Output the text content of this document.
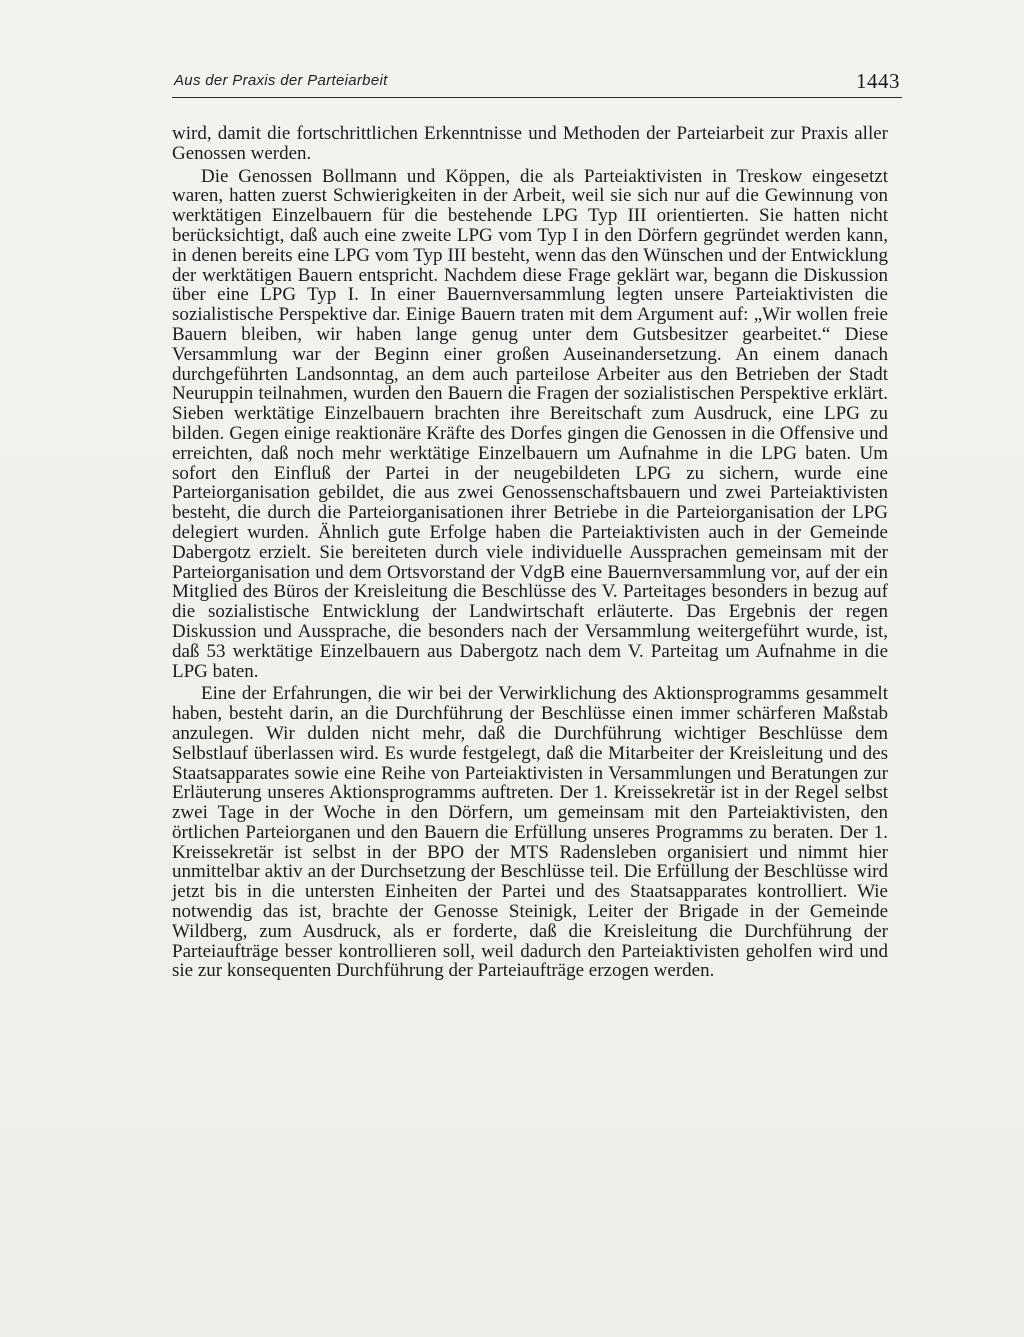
Aus der Praxis der Parteiarbeit	1443

wird, damit die fortschrittlichen Erkenntnisse und Methoden der Parteiarbeit zur Praxis aller Genossen werden.

Die Genossen Bollmann und Köppen, die als Parteiaktivisten in Treskow eingesetzt waren, hatten zuerst Schwierigkeiten in der Arbeit, weil sie sich nur auf die Gewinnung von werktätigen Einzelbauern für die bestehende LPG Typ III orientierten. Sie hatten nicht berücksichtigt, daß auch eine zweite LPG vom Typ I in den Dörfern gegründet werden kann, in denen bereits eine LPG vom Typ III besteht, wenn das den Wünschen und der Entwicklung der werktätigen Bauern entspricht. Nachdem diese Frage geklärt war, begann die Diskussion über eine LPG Typ I. In einer Bauernversammlung legten unsere Parteiaktivisten die sozialistische Perspektive dar. Einige Bauern traten mit dem Argument auf: „Wir wollen freie Bauern bleiben, wir haben lange genug unter dem Gutsbesitzer gearbeitet.“ Diese Versammlung war der Beginn einer großen Auseinandersetzung. An einem danach durchgeführten Landsonntag, an dem auch parteilose Arbeiter aus den Betrieben der Stadt Neuruppin teilnahmen, wurden den Bauern die Fragen der sozialistischen Perspektive erklärt. Sieben werktätige Einzelbauern brachten ihre Bereitschaft zum Ausdruck, eine LPG zu bilden. Gegen einige reaktionäre Kräfte des Dorfes gingen die Genossen in die Offensive und erreichten, daß noch mehr werktätige Einzelbauern um Aufnahme in die LPG baten. Um sofort den Einfluß der Partei in der neugebildeten LPG zu sichern, wurde eine Parteiorganisation gebildet, die aus zwei Genossenschaftsbauern und zwei Parteiaktivisten besteht, die durch die Parteiorganisationen ihrer Betriebe in die Parteiorganisation der LPG delegiert wurden. Ähnlich gute Erfolge haben die Parteiaktivisten auch in der Gemeinde Dabergotz erzielt. Sie bereiteten durch viele individuelle Aussprachen gemeinsam mit der Parteiorganisation und dem Ortsvorstand der VdgB eine Bauernversammlung vor, auf der ein Mitglied des Büros der Kreisleitung die Beschlüsse des V. Parteitages besonders in bezug auf die sozialistische Entwicklung der Landwirtschaft erläuterte. Das Ergebnis der regen Diskussion und Aussprache, die besonders nach der Versammlung weitergeführt wurde, ist, daß 53 werktätige Einzelbauern aus Dabergotz nach dem V. Parteitag um Aufnahme in die LPG baten.

Eine der Erfahrungen, die wir bei der Verwirklichung des Aktionsprogramms gesammelt haben, besteht darin, an die Durchführung der Beschlüsse einen immer schärferen Maßstab anzulegen. Wir dulden nicht mehr, daß die Durchführung wichtiger Beschlüsse dem Selbstlauf überlassen wird. Es wurde festgelegt, daß die Mitarbeiter der Kreisleitung und des Staatsapparates sowie eine Reihe von Parteiaktivisten in Versammlungen und Beratungen zur Erläuterung unseres Aktionsprogramms auftreten. Der 1. Kreissekretär ist in der Regel selbst zwei Tage in der Woche in den Dörfern, um gemeinsam mit den Parteiaktivisten, den örtlichen Parteiorganen und den Bauern die Erfüllung unseres Programms zu beraten. Der 1. Kreissekretär ist selbst in der BPO der MTS Radensleben organisiert und nimmt hier unmittelbar aktiv an der Durchsetzung der Beschlüsse teil. Die Erfüllung der Beschlüsse wird jetzt bis in die untersten Einheiten der Partei und des Staatsapparates kontrolliert. Wie notwendig das ist, brachte der Genosse Steinigk, Leiter der Brigade in der Gemeinde Wildberg, zum Ausdruck, als er forderte, daß die Kreisleitung die Durchführung der Parteiaufträge besser kontrollieren soll, weil dadurch den Parteiaktivisten geholfen wird und sie zur konsequenten Durchführung der Parteiaufträge erzogen werden.
